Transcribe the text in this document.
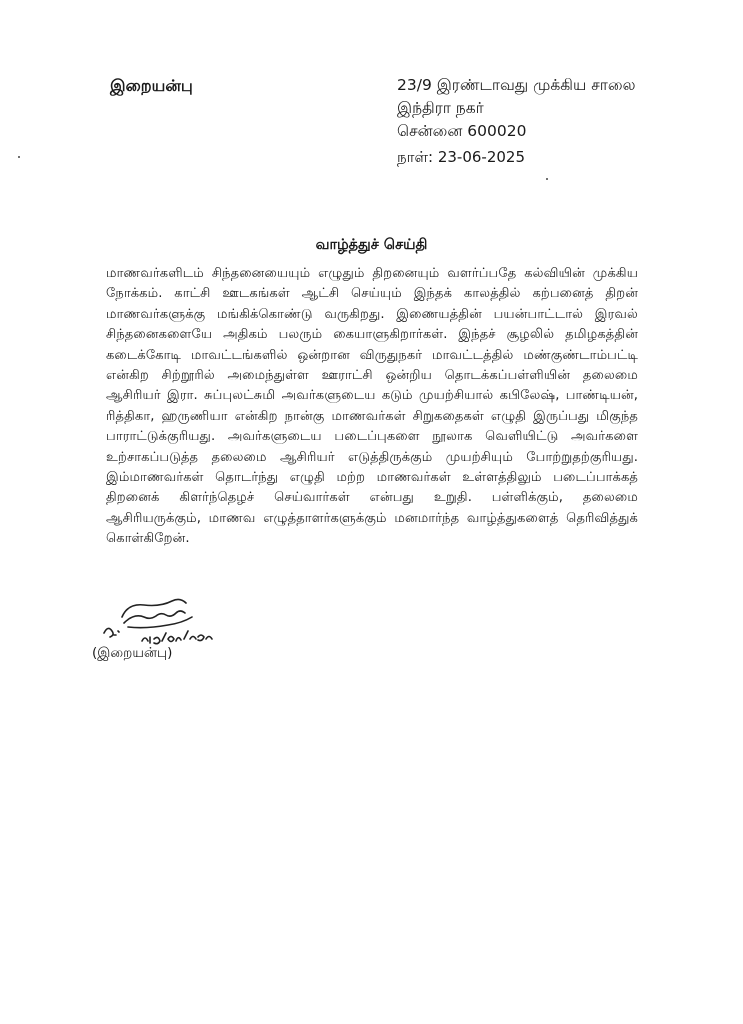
இறையன்பு	23/9 இரண்டாவது முக்கிய சாலை
இந்திரா நகர்
சென்னை 600020
நாள்: 23-06-2025
வாழ்த்துச் செய்தி

மாணவர்களிடம் சிந்தனையையும் எழுதும் திறனையும் வளர்ப்பதே கல்வியின் முக்கிய நோக்கம். காட்சி ஊடகங்கள் ஆட்சி செய்யும் இந்தக் காலத்தில் கற்பனைத் திறன் மாணவர்களுக்கு மங்கிக்கொண்டு வருகிறது. இணையத்தின் பயன்பாட்டால் இரவல் சிந்தனைகளையே அதிகம் பலரும் கையாளுகிறார்கள். இந்தச் சூழலில் தமிழகத்தின் கடைக்கோடி மாவட்டங்களில் ஒன்றான விருதுநகர் மாவட்டத்தில் மண்குண்டாம்பட்டி என்கிற சிற்றூரில் அமைந்துள்ள ஊராட்சி ஒன்றிய தொடக்கப்பள்ளியின் தலைமை ஆசிரியர் இரா. சுப்புலட்சுமி அவர்களுடைய கடும் முயற்சியால் கபிலேஷ், பாண்டியன், ரித்திகா, ஹருணியா என்கிற நான்கு மாணவர்கள் சிறுகதைகள் எழுதி இருப்பது மிகுந்த பாராட்டுக்குரியது. அவர்களுடைய படைப்புகளை நூலாக வெளியிட்டு அவர்களை உற்சாகப்படுத்த தலைமை ஆசிரியர் எடுத்திருக்கும் முயற்சியும் போற்றுதற்குரியது. இம்மாணவர்கள் தொடர்ந்து எழுதி மற்ற மாணவர்கள் உள்ளத்திலும் படைப்பாக்கத் திறனைக் கிளர்ந்தெழச் செய்வார்கள் என்பது உறுதி. பள்ளிக்கும், தலைமை ஆசிரியருக்கும், மாணவ எழுத்தாளர்களுக்கும் மனமார்ந்த வாழ்த்துகளைத் தெரிவித்துக் கொள்கிறேன்.

(இறையன்பு)
